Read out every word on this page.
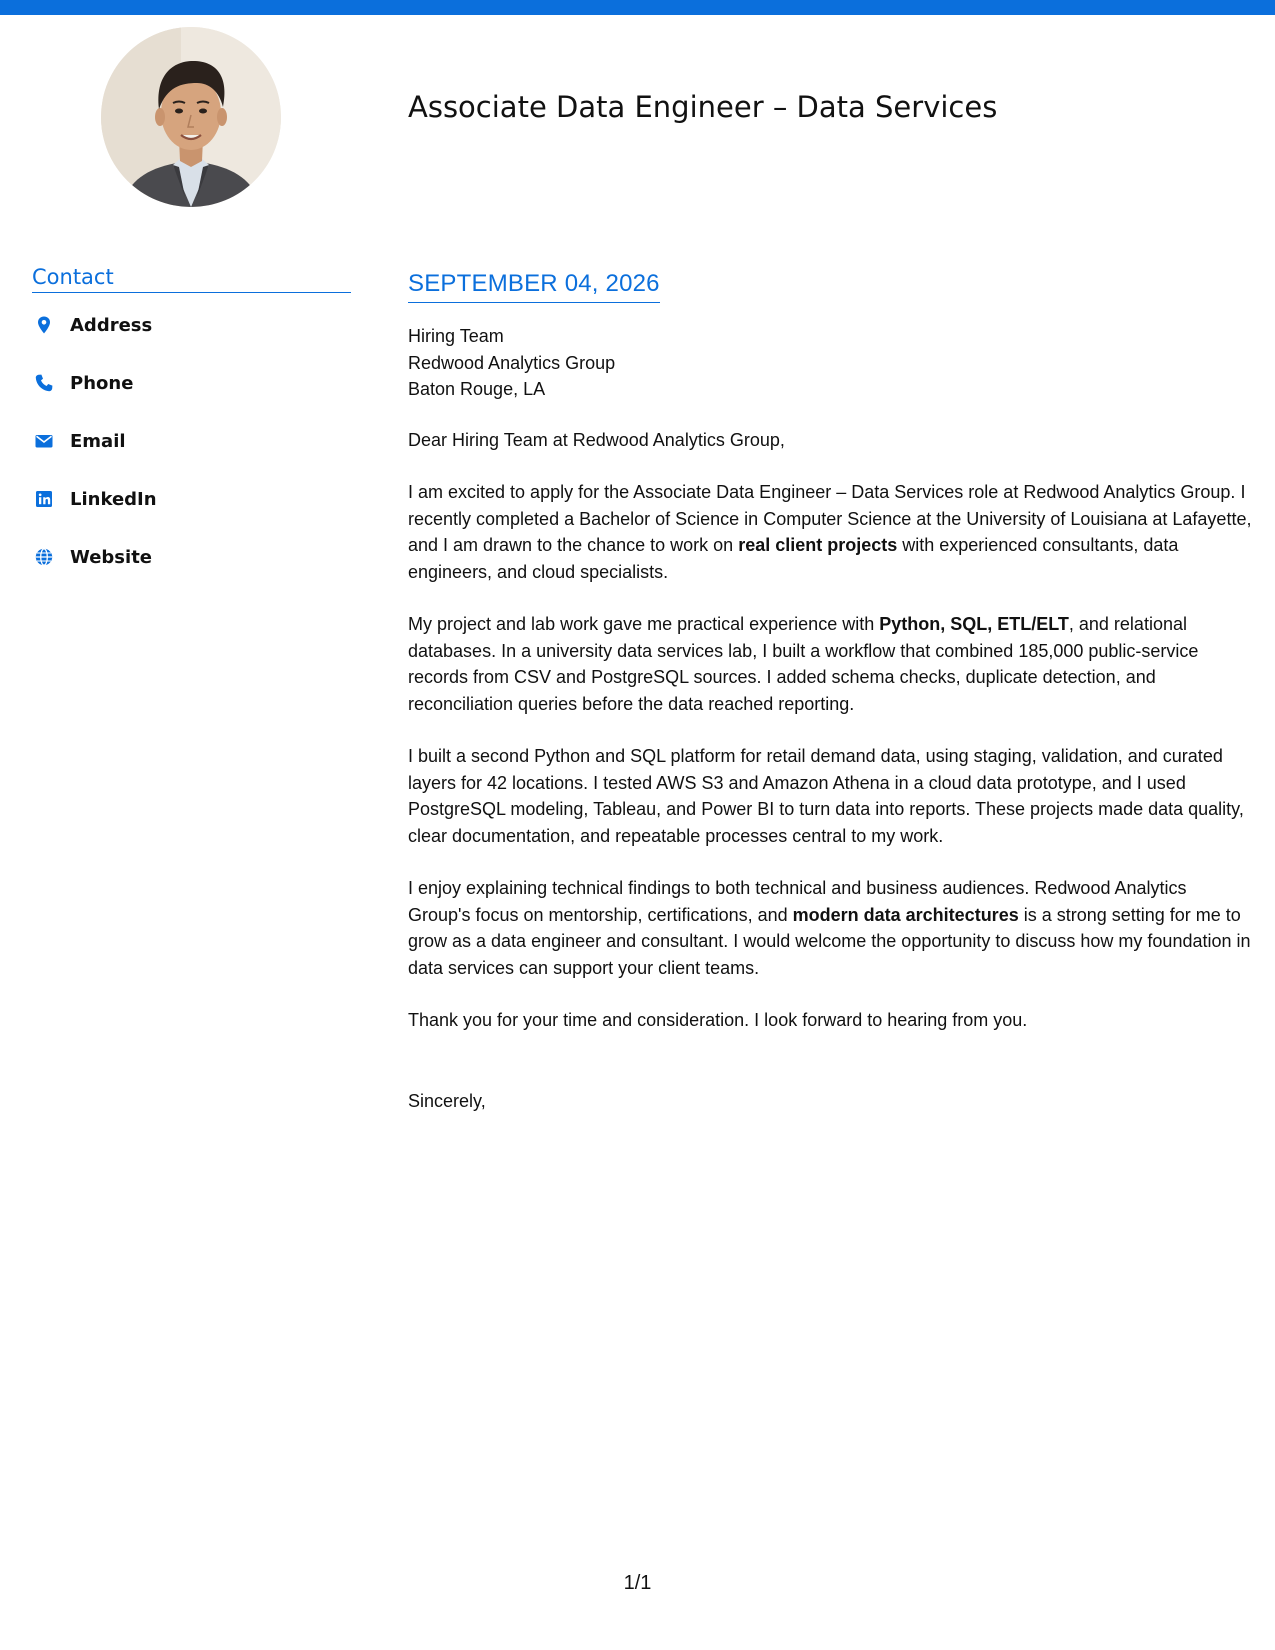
Associate Data Engineer – Data Services
Contact
Address
Phone
Email
LinkedIn
Website
SEPTEMBER 04, 2026
Hiring Team
Redwood Analytics Group
Baton Rouge, LA

Dear Hiring Team at Redwood Analytics Group,

I am excited to apply for the Associate Data Engineer – Data Services role at Redwood Analytics Group. I recently completed a Bachelor of Science in Computer Science at the University of Louisiana at Lafayette, and I am drawn to the chance to work on real client projects with experienced consultants, data engineers, and cloud specialists.

My project and lab work gave me practical experience with Python, SQL, ETL/ELT, and relational databases. In a university data services lab, I built a workflow that combined 185,000 public-service records from CSV and PostgreSQL sources. I added schema checks, duplicate detection, and reconciliation queries before the data reached reporting.

I built a second Python and SQL platform for retail demand data, using staging, validation, and curated layers for 42 locations. I tested AWS S3 and Amazon Athena in a cloud data prototype, and I used PostgreSQL modeling, Tableau, and Power BI to turn data into reports. These projects made data quality, clear documentation, and repeatable processes central to my work.

I enjoy explaining technical findings to both technical and business audiences. Redwood Analytics Group's focus on mentorship, certifications, and modern data architectures is a strong setting for me to grow as a data engineer and consultant. I would welcome the opportunity to discuss how my foundation in data services can support your client teams.

Thank you for your time and consideration. I look forward to hearing from you.

Sincerely,

1/1
